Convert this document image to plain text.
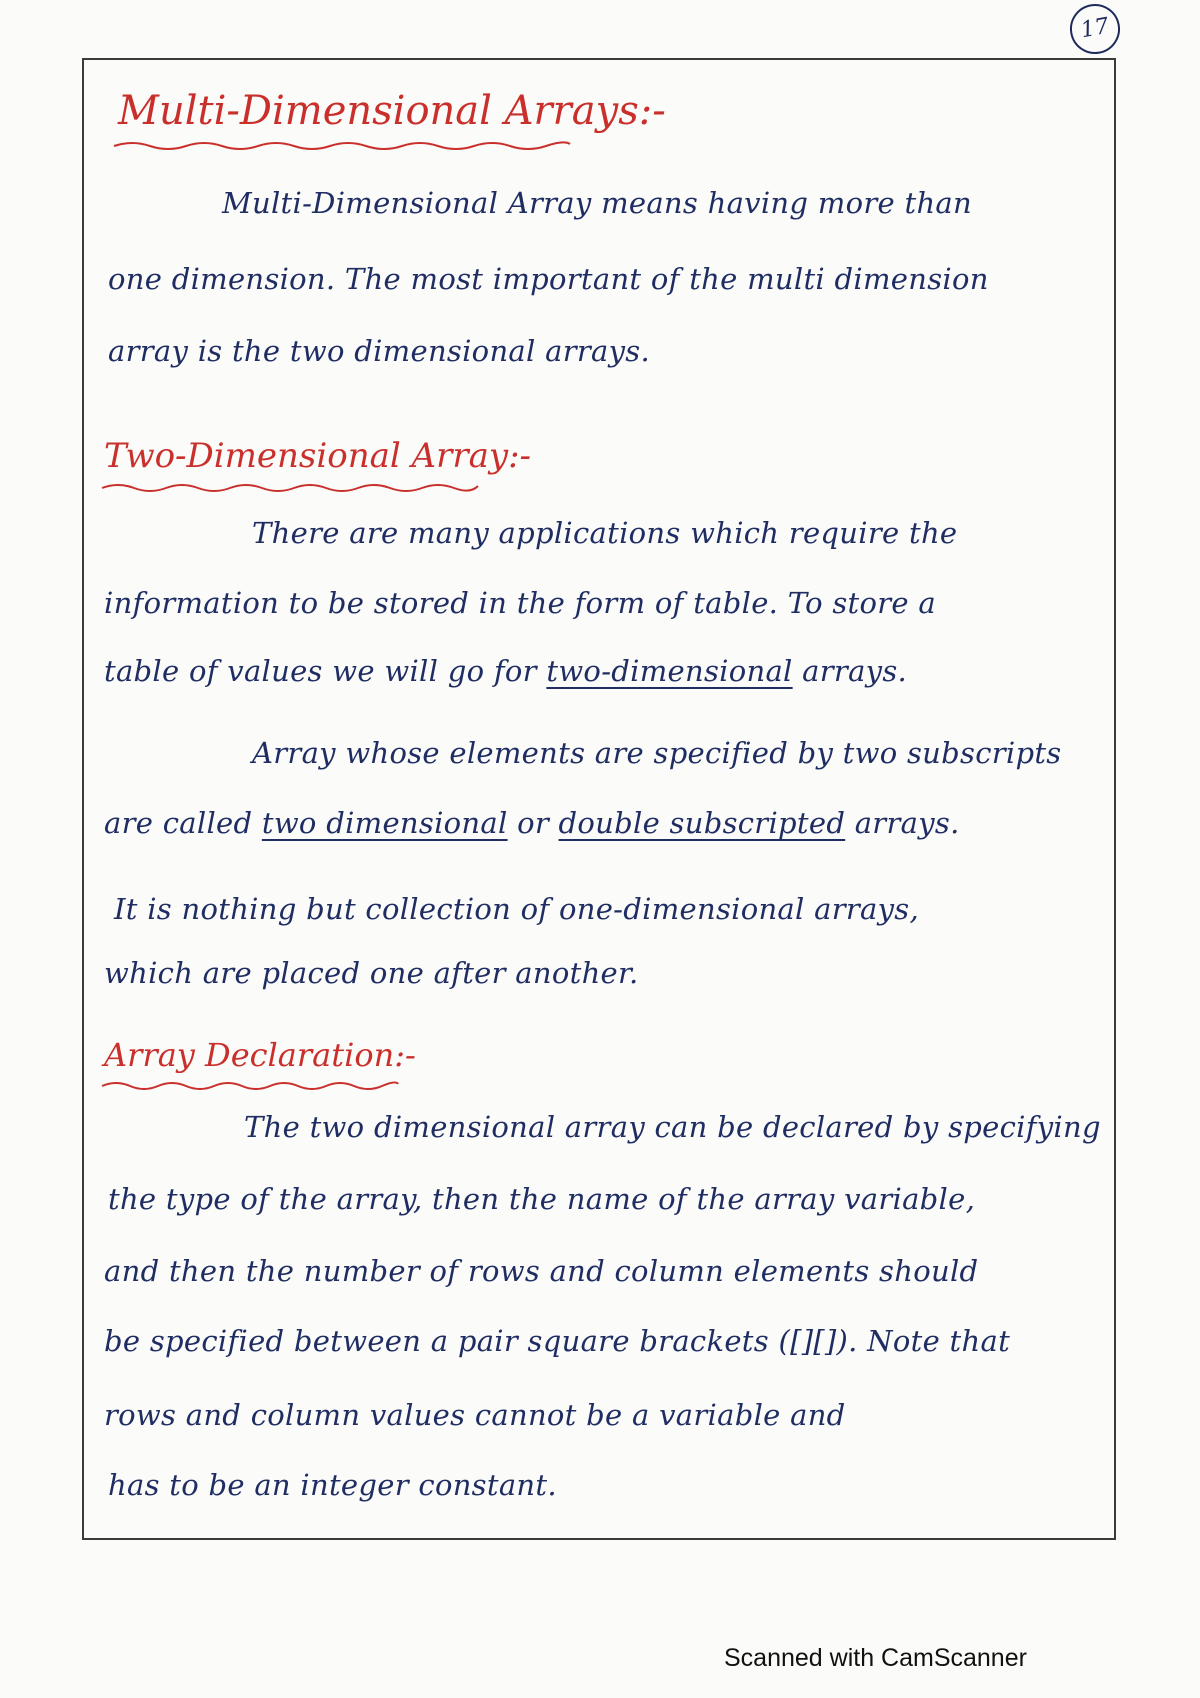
17
Multi-Dimensional Arrays:-
Multi-Dimensional Array means having more than
one dimension. The most important of the multi dimension
array is the two dimensional arrays.
Two-Dimensional Array:-
There are many applications which require the
information to be stored in the form of table. To store a
table of values we will go for two-dimensional arrays.
Array whose elements are specified by two subscripts
are called two dimensional or double subscripted arrays.
It is nothing but collection of one-dimensional arrays,
which are placed one after another.
Array Declaration:-
The two dimensional array can be declared by specifying
the type of the array, then the name of the array variable,
and then the number of rows and column elements should
be specified between a pair square brackets ([][]). Note that
rows and column values cannot be a variable and
has to be an integer constant.
Scanned with CamScanner
